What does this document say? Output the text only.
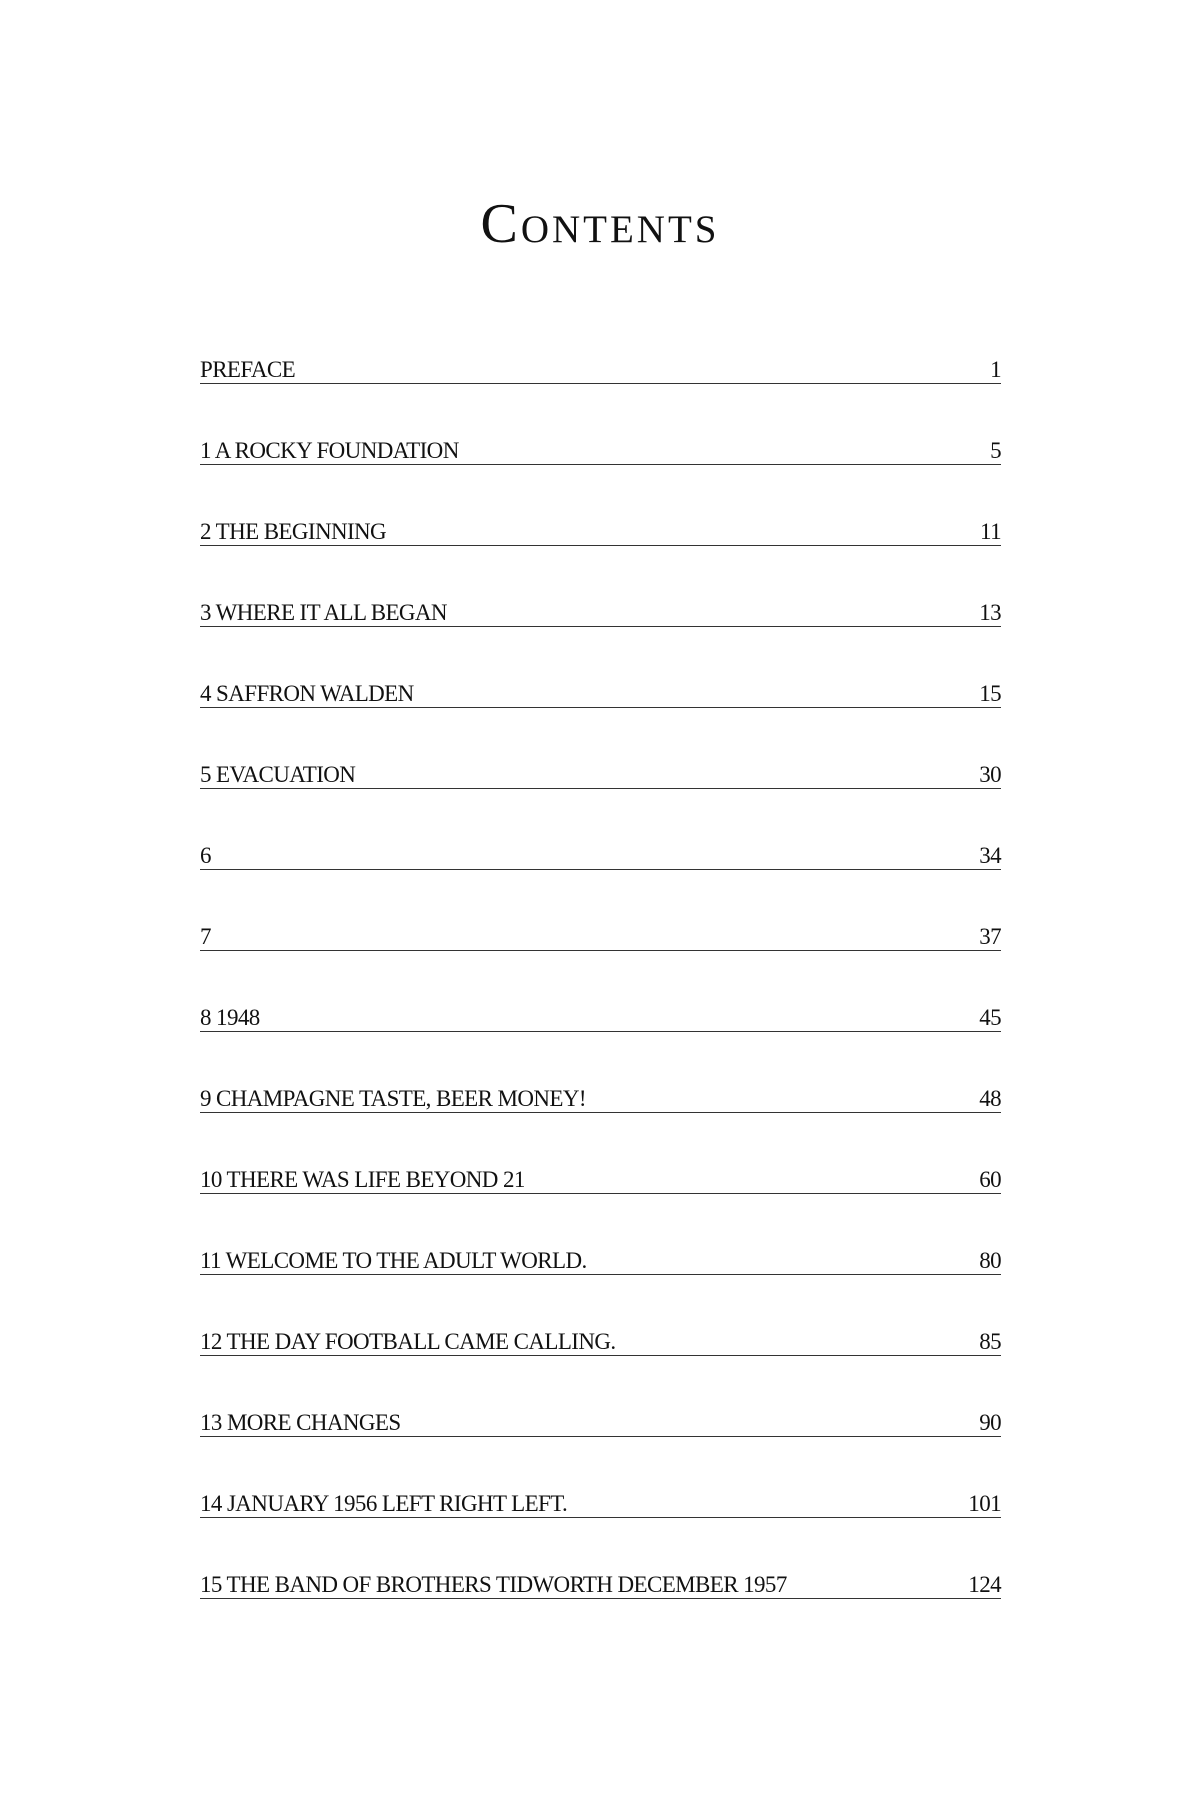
Contents
PREFACE	1
1 A ROCKY FOUNDATION	5
2 THE BEGINNING	11
3 WHERE IT ALL BEGAN	13
4 SAFFRON WALDEN	15
5 EVACUATION	30
6	34
7	37
8 1948	45
9 CHAMPAGNE TASTE, BEER MONEY!	48
10 THERE WAS LIFE BEYOND 21	60
11 WELCOME TO THE ADULT WORLD.	80
12 THE DAY FOOTBALL CAME CALLING.	85
13 MORE CHANGES	90
14 JANUARY 1956 LEFT RIGHT LEFT.	101
15 THE BAND OF BROTHERS TIDWORTH DECEMBER 1957	124
